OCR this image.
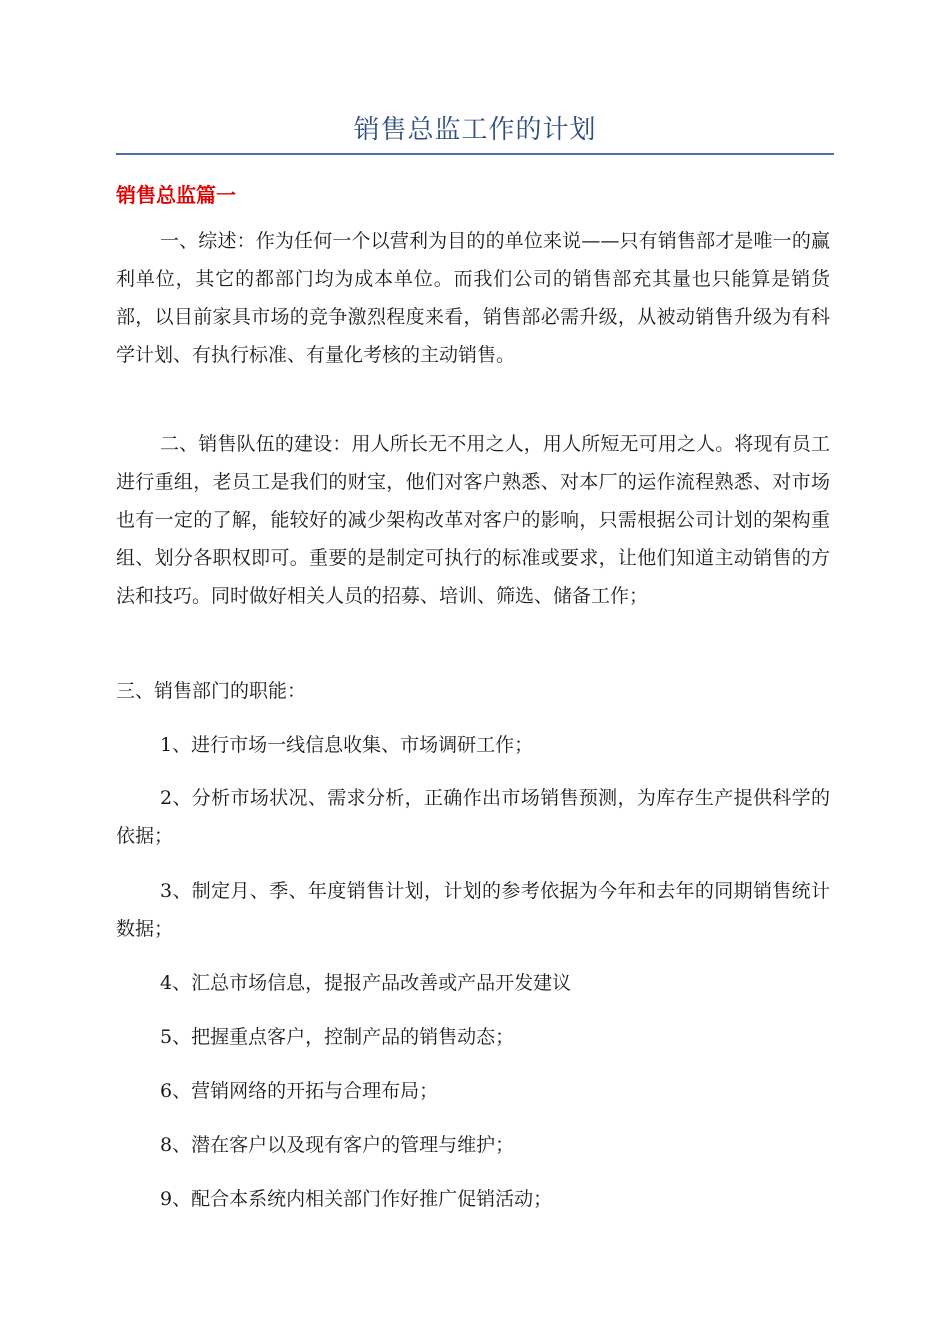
销售总监工作的计划
销售总监篇一

一、综述：作为任何一个以营利为目的的单位来说——只有销售部才是唯一的赢利单位，其它的都部门均为成本单位。而我们公司的销售部充其量也只能算是销货部，以目前家具市场的竞争激烈程度来看，销售部必需升级，从被动销售升级为有科学计划、有执行标准、有量化考核的主动销售。

二、销售队伍的建设：用人所长无不用之人，用人所短无可用之人。将现有员工进行重组，老员工是我们的财宝，他们对客户熟悉、对本厂的运作流程熟悉、对市场也有一定的了解，能较好的减少架构改革对客户的影响，只需根据公司计划的架构重组、划分各职权即可。重要的是制定可执行的标准或要求，让他们知道主动销售的方法和技巧。同时做好相关人员的招募、培训、筛选、储备工作；

三、销售部门的职能：

1、进行市场一线信息收集、市场调研工作；

2、分析市场状况、需求分析，正确作出市场销售预测，为库存生产提供科学的依据；

3、制定月、季、年度销售计划，计划的参考依据为今年和去年的同期销售统计数据；

4、汇总市场信息，提报产品改善或产品开发建议

5、把握重点客户，控制产品的销售动态；

6、营销网络的开拓与合理布局；

8、潜在客户以及现有客户的管理与维护；

9、配合本系统内相关部门作好推广促销活动；
